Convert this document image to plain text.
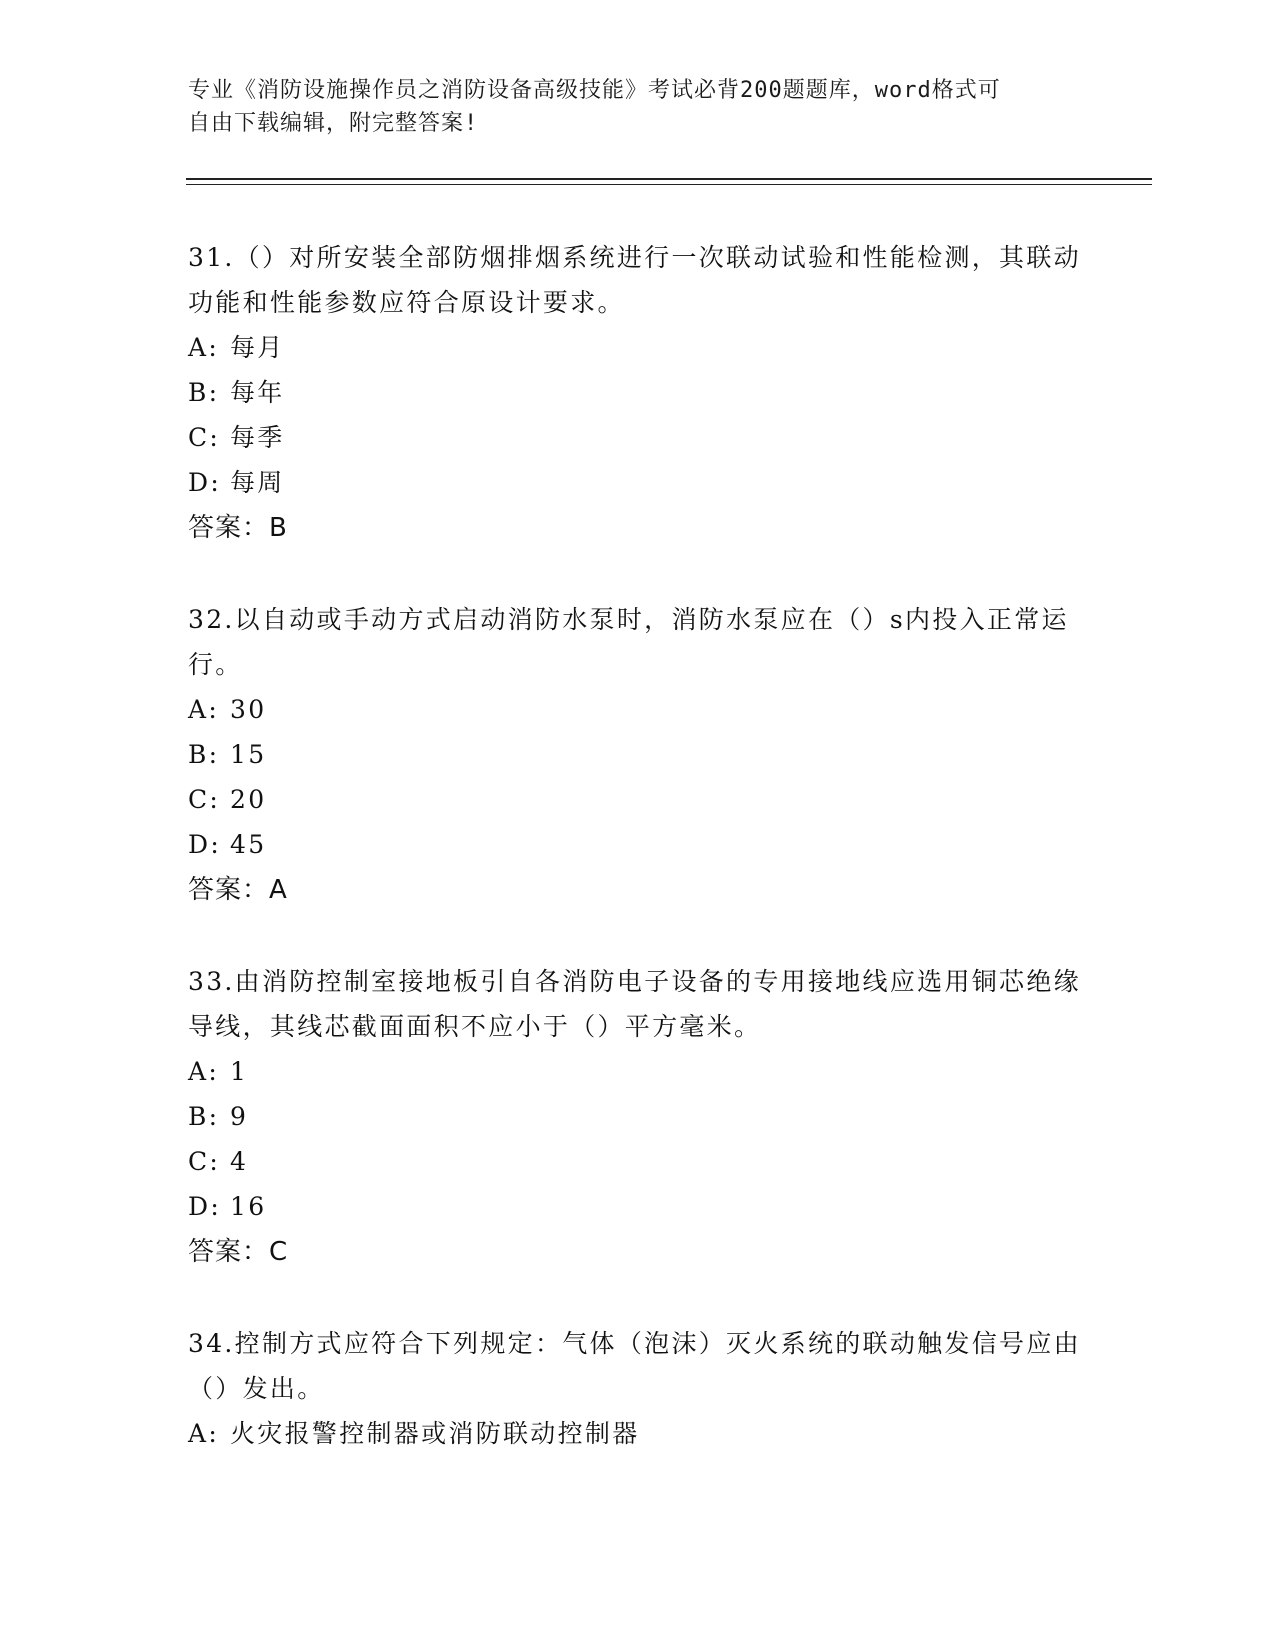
专业《消防设施操作员之消防设备高级技能》考试必背200题题库，word格式可
自由下载编辑，附完整答案!

31.（）对所安装全部防烟排烟系统进行一次联动试验和性能检测，其联动功能和性能参数应符合原设计要求。

A: 每月
B: 每年
C: 每季
D: 每周
答案：B

32.以自动或手动方式启动消防水泵时，消防水泵应在（）s内投入正常运行。

A: 30
B: 15
C: 20
D: 45
答案：A

33.由消防控制室接地板引自各消防电子设备的专用接地线应选用铜芯绝缘导线，其线芯截面面积不应小于（）平方毫米。

A: 1
B: 9
C: 4
D: 16
答案：C

34.控制方式应符合下列规定：气体（泡沫）灭火系统的联动触发信号应由（）发出。

A: 火灾报警控制器或消防联动控制器
